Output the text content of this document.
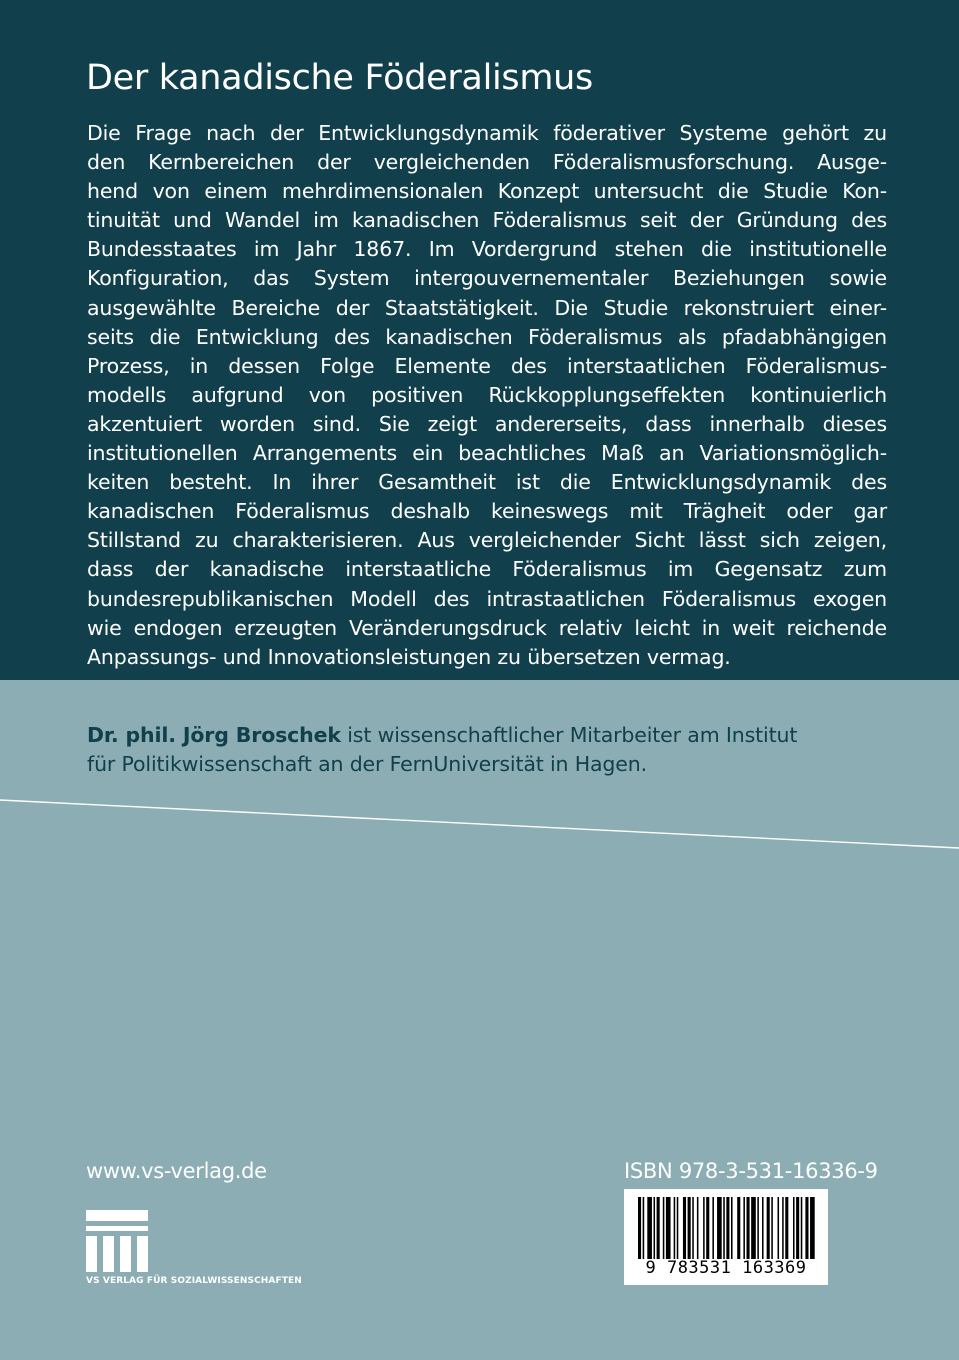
Der kanadische Föderalismus
Die Frage nach der Entwicklungsdynamik föderativer Systeme gehört zu
den Kernbereichen der vergleichenden Föderalismusforschung. Ausge-
hend von einem mehrdimensionalen Konzept untersucht die Studie Kon-
tinuität und Wandel im kanadischen Föderalismus seit der Gründung des
Bundesstaates im Jahr 1867. Im Vordergrund stehen die institutionelle
Konfiguration, das System intergouvernementaler Beziehungen sowie
ausgewählte Bereiche der Staatstätigkeit. Die Studie rekonstruiert einer-
seits die Entwicklung des kanadischen Föderalismus als pfadabhängigen
Prozess, in dessen Folge Elemente des interstaatlichen Föderalismus-
modells aufgrund von positiven Rückkopplungseffekten kontinuierlich
akzentuiert worden sind. Sie zeigt andererseits, dass innerhalb dieses
institutionellen Arrangements ein beachtliches Maß an Variationsmöglich-
keiten besteht. In ihrer Gesamtheit ist die Entwicklungsdynamik des
kanadischen Föderalismus deshalb keineswegs mit Trägheit oder gar
Stillstand zu charakterisieren. Aus vergleichender Sicht lässt sich zeigen,
dass der kanadische interstaatliche Föderalismus im Gegensatz zum
bundesrepublikanischen Modell des intrastaatlichen Föderalismus exogen
wie endogen erzeugten Veränderungsdruck relativ leicht in weit reichende
Anpassungs- und Innovationsleistungen zu übersetzen vermag.
Dr. phil. Jörg Broschek ist wissenschaftlicher Mitarbeiter am Institut
für Politikwissenschaft an der FernUniversität in Hagen.
www.vs-verlag.de
VS VERLAG FÜR SOZIALWISSENSCHAFTEN
ISBN 978-3-531-16336-9
9 783531 163369
